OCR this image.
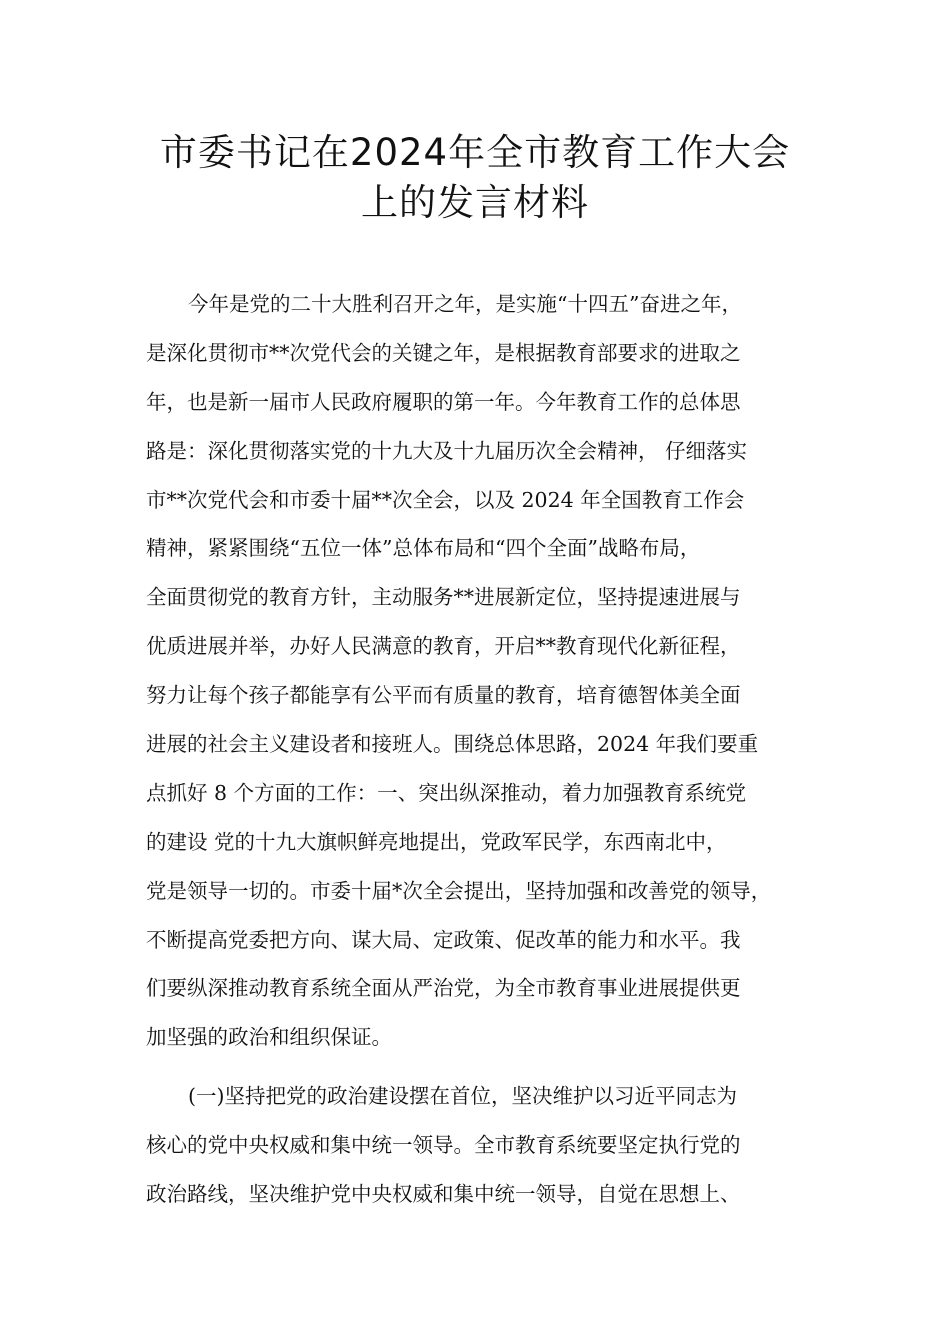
市委书记在2024年全市教育工作大会
上的发言材料
今年是党的二十大胜利召开之年，是实施“十四五”奋进之年，
是深化贯彻市**次党代会的关键之年，是根据教育部要求的进取之
年，也是新一届市人民政府履职的第一年。今年教育工作的总体思
路是：深化贯彻落实党的十九大及十九届历次全会精神， 仔细落实
市**次党代会和市委十届**次全会，以及 2024 年全国教育工作会
精神，紧紧围绕“五位一体”总体布局和“四个全面”战略布局，
全面贯彻党的教育方针，主动服务**进展新定位，坚持提速进展与
优质进展并举，办好人民满意的教育，开启**教育现代化新征程，
努力让每个孩子都能享有公平而有质量的教育，培育德智体美全面
进展的社会主义建设者和接班人。围绕总体思路，2024 年我们要重
点抓好 8 个方面的工作：一、突出纵深推动，着力加强教育系统党
的建设 党的十九大旗帜鲜亮地提出，党政军民学，东西南北中，
党是领导一切的。市委十届*次全会提出，坚持加强和改善党的领导，
不断提高党委把方向、谋大局、定政策、促改革的能力和水平。我
们要纵深推动教育系统全面从严治党，为全市教育事业进展提供更
加坚强的政治和组织保证。
(一)坚持把党的政治建设摆在首位，坚决维护以习近平同志为
核心的党中央权威和集中统一领导。全市教育系统要坚定执行党的
政治路线，坚决维护党中央权威和集中统一领导，自觉在思想上、
